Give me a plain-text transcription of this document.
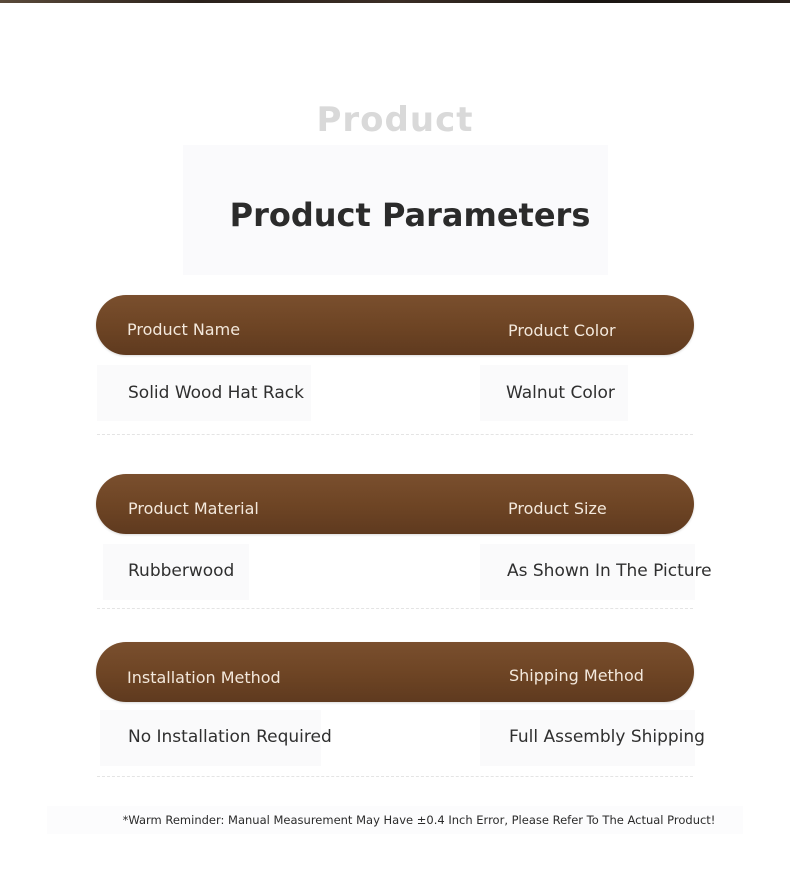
Product
Product Parameters
Product Name	Product Color
Solid Wood Hat Rack	Walnut Color
Product Material	Product Size
Rubberwood	As Shown In The Picture
Installation Method	Shipping Method
No Installation Required	Full Assembly Shipping
*Warm Reminder: Manual Measurement May Have ±0.4 Inch Error, Please Refer To The Actual Product!
